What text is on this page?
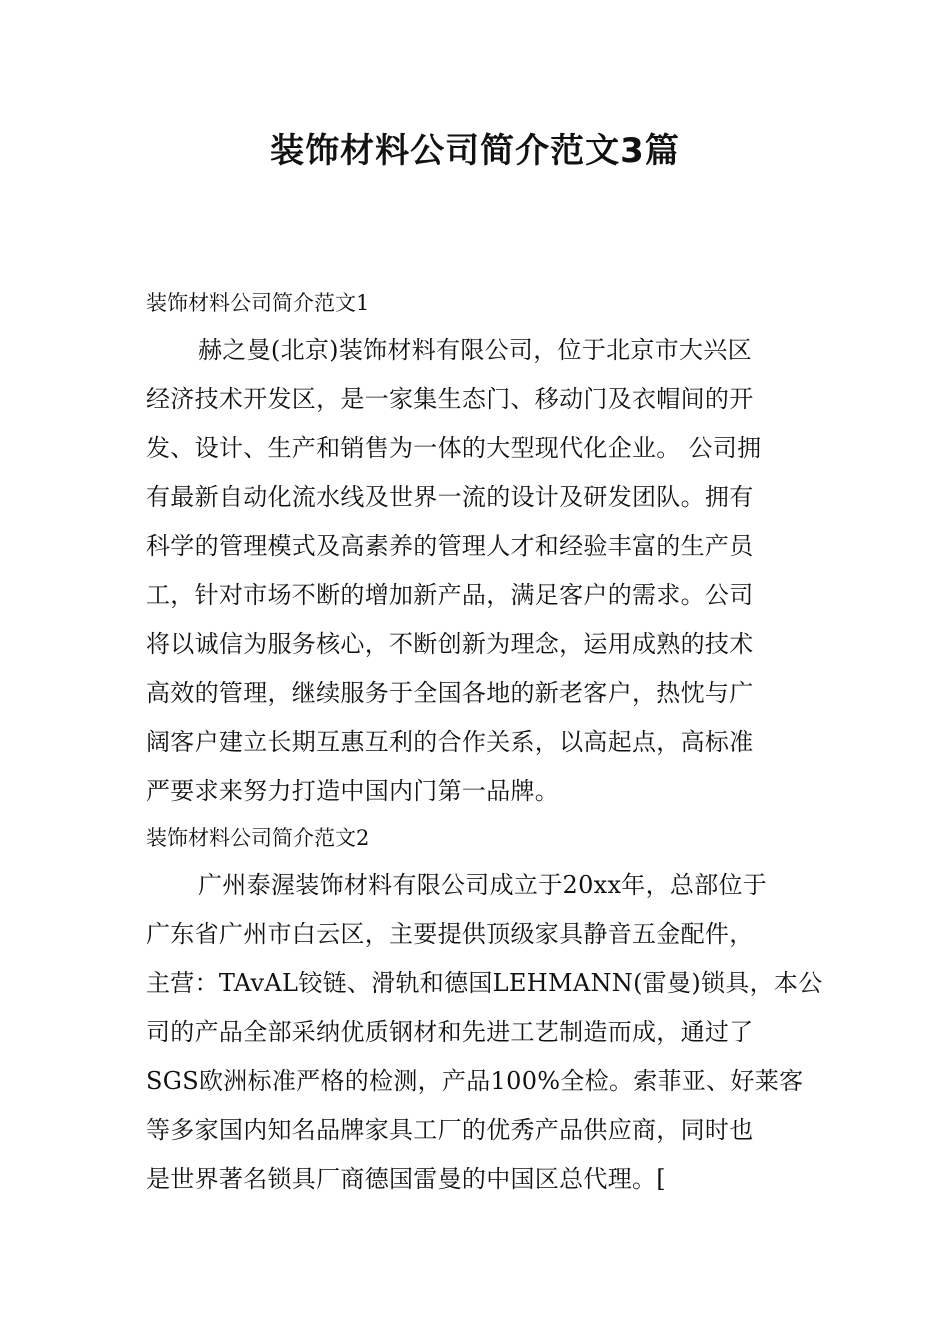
装饰材料公司简介范文3篇
装饰材料公司简介范文1

赫之曼(北京)装饰材料有限公司，位于北京市大兴区
经济技术开发区，是一家集生态门、移动门及衣帽间的开
发、设计、生产和销售为一体的大型现代化企业。 公司拥
有最新自动化流水线及世界一流的设计及研发团队。拥有
科学的管理模式及高素养的管理人才和经验丰富的生产员
工，针对市场不断的增加新产品，满足客户的需求。公司
将以诚信为服务核心，不断创新为理念，运用成熟的技术
高效的管理，继续服务于全国各地的新老客户，热忱与广
阔客户建立长期互惠互利的合作关系，以高起点，高标准
严要求来努力打造中国内门第一品牌。

装饰材料公司简介范文2

广州泰渥装饰材料有限公司成立于20xx年，总部位于
广东省广州市白云区，主要提供顶级家具静音五金配件，
主营：TAvAL铰链、滑轨和德国LEHMANN(雷曼)锁具，本公
司的产品全部采纳优质钢材和先进工艺制造而成，通过了
SGS欧洲标准严格的检测，产品100%全检。索菲亚、好莱客
等多家国内知名品牌家具工厂的优秀产品供应商，同时也
是世界著名锁具厂商德国雷曼的中国区总代理。[
